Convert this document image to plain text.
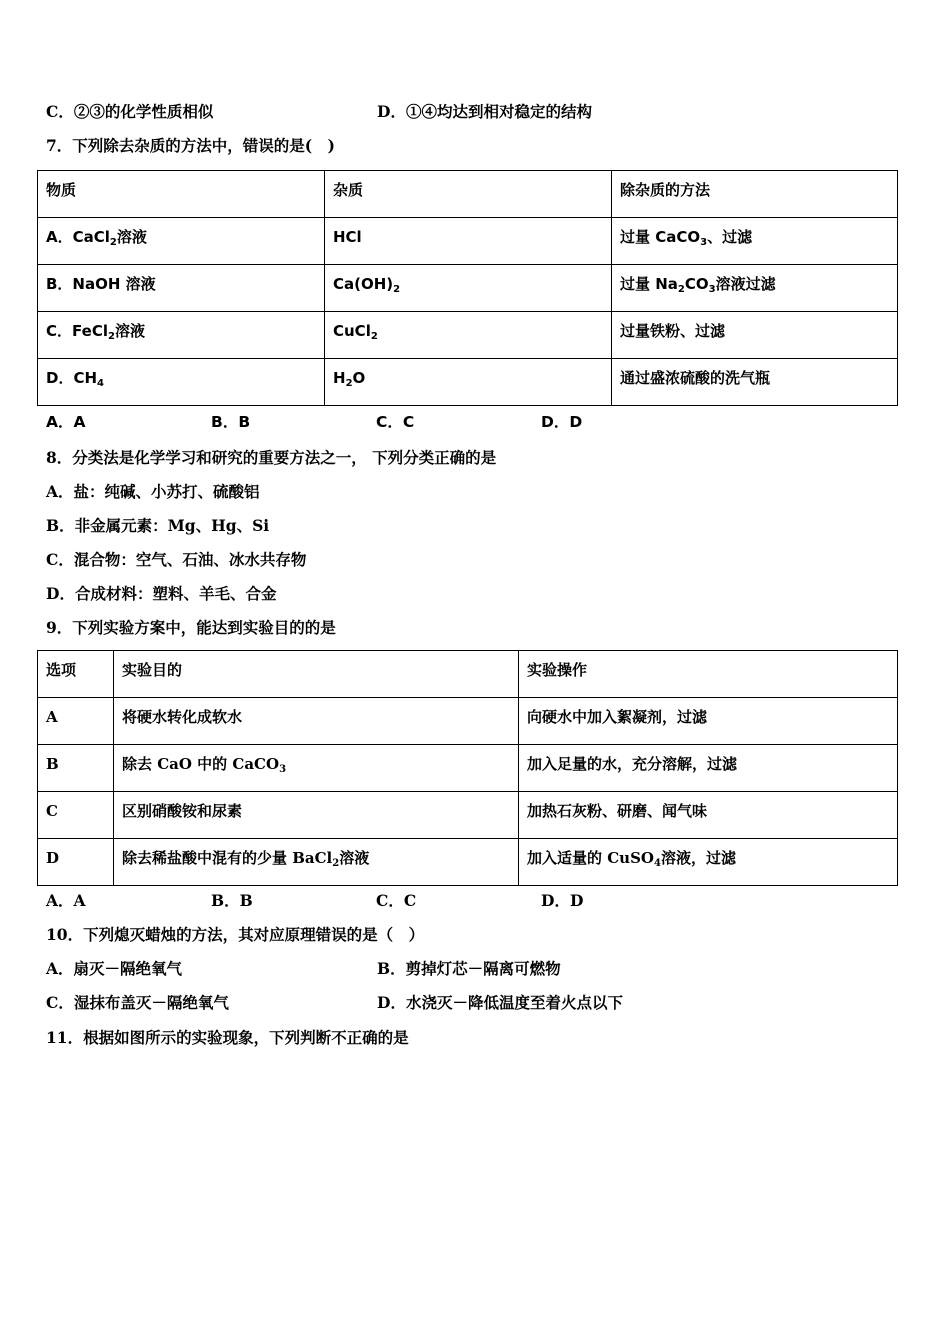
C．②③的化学性质相似	D．①④均达到相对稳定的结构
7．下列除去杂质的方法中，错误的是(　)
物质	杂质	除杂质的方法
A．CaCl$_2$溶液	HCl	过量 CaCO$_3$、过滤
B．NaOH 溶液	$Ca(OH)_2$	过量 $Na_2CO_3$溶液过滤
C．FeCl$_2$溶液	CuCl$_2$	过量铁粉、过滤
D．$CH_4$	$H_2O$	通过盛浓硫酸的洗气瓶
A．A	B．B	C．C	D．D
8．分类法是化学学习和研究的重要方法之一， 下列分类正确的是
A．盐：纯碱、小苏打、硫酸铝
B．非金属元素：Mg、Hg、Si
C．混合物：空气、石油、冰水共存物
D．合成材料：塑料、羊毛、合金
9．下列实验方案中，能达到实验目的的是
选项	实验目的	实验操作
A	将硬水转化成软水	向硬水中加入絮凝剂，过滤
B	除去 CaO 中的 CaCO$_3$	加入足量的水，充分溶解，过滤
C	区别硝酸铵和尿素	加热石灰粉、研磨、闻气味
D	除去稀盐酸中混有的少量 BaCl$_2$溶液	加入适量的 CuSO$_4$溶液，过滤
A．A	B．B	C．C	D．D
10．下列熄灭蜡烛的方法，其对应原理错误的是（　）
A．扇灭－隔绝氧气	B．剪掉灯芯－隔离可燃物
C．湿抹布盖灭－隔绝氧气	D．水浇灭－降低温度至着火点以下
11．根据如图所示的实验现象，下列判断不正确的是
